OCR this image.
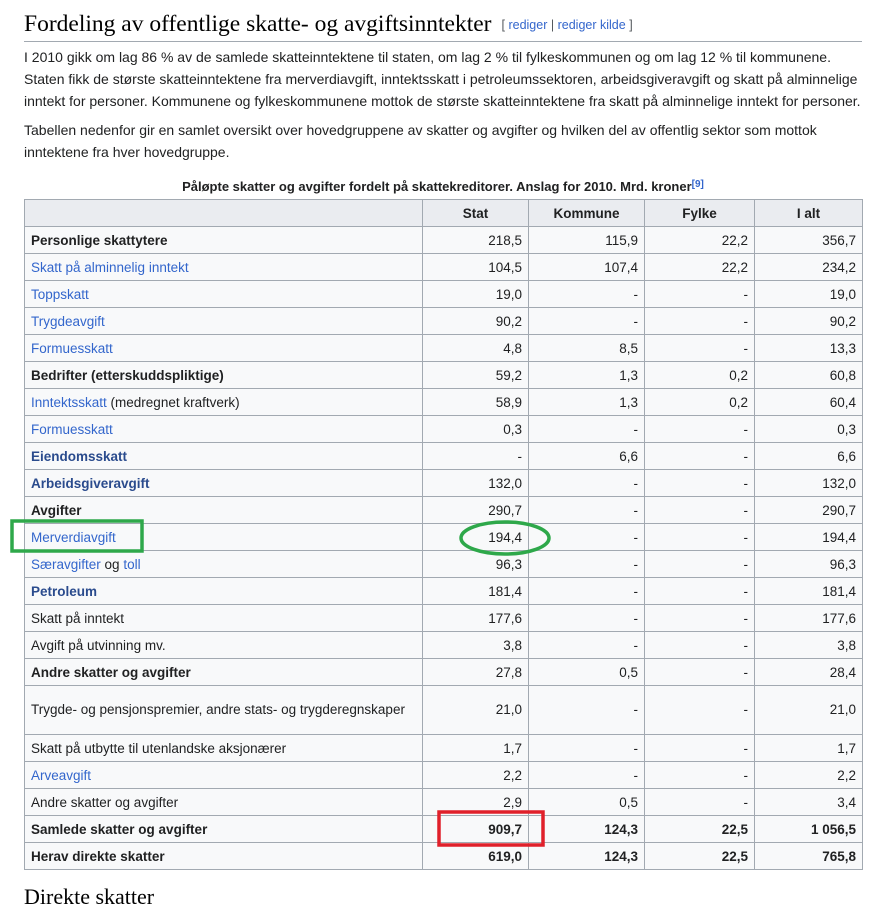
Fordeling av offentlige skatte- og avgiftsinntekter [ rediger | rediger kilde ]

I 2010 gikk om lag 86 % av de samlede skatteinntektene til staten, om lag 2 % til fylkeskommunen og om lag 12 % til kommunene. Staten fikk de største skatteinntektene fra merverdiavgift, inntektsskatt i petroleumssektoren, arbeidsgiveravgift og skatt på alminnelige inntekt for personer. Kommunene og fylkeskommunene mottok de største skatteinntektene fra skatt på alminnelige inntekt for personer.

Tabellen nedenfor gir en samlet oversikt over hovedgruppene av skatter og avgifter og hvilken del av offentlig sektor som mottok inntektene fra hver hovedgruppe.

Påløpte skatter og avgifter fordelt på skattekreditorer. Anslag for 2010. Mrd. kroner[9]
	Stat	Kommune	Fylke	I alt
Personlige skattytere	218,5	115,9	22,2	356,7
Skatt på alminnelig inntekt	104,5	107,4	22,2	234,2
Toppskatt	19,0	-	-	19,0
Trygdeavgift	90,2	-	-	90,2
Formuesskatt	4,8	8,5	-	13,3
Bedrifter (etterskuddspliktige)	59,2	1,3	0,2	60,8
Inntektsskatt (medregnet kraftverk)	58,9	1,3	0,2	60,4
Formuesskatt	0,3	-	-	0,3
Eiendomsskatt	-	6,6	-	6,6
Arbeidsgiveravgift	132,0	-	-	132,0
Avgifter	290,7	-	-	290,7
Merverdiavgift	194,4	-	-	194,4
Særavgifter og toll	96,3	-	-	96,3
Petroleum	181,4	-	-	181,4
Skatt på inntekt	177,6	-	-	177,6
Avgift på utvinning mv.	3,8	-	-	3,8
Andre skatter og avgifter	27,8	0,5	-	28,4
Trygde- og pensjonspremier, andre stats- og trygderegnskaper	21,0	-	-	21,0
Skatt på utbytte til utenlandske aksjonærer	1,7	-	-	1,7
Arveavgift	2,2	-	-	2,2
Andre skatter og avgifter	2,9	0,5	-	3,4
Samlede skatter og avgifter	909,7	124,3	22,5	1 056,5
Herav direkte skatter	619,0	124,3	22,5	765,8
Direkte skatter
